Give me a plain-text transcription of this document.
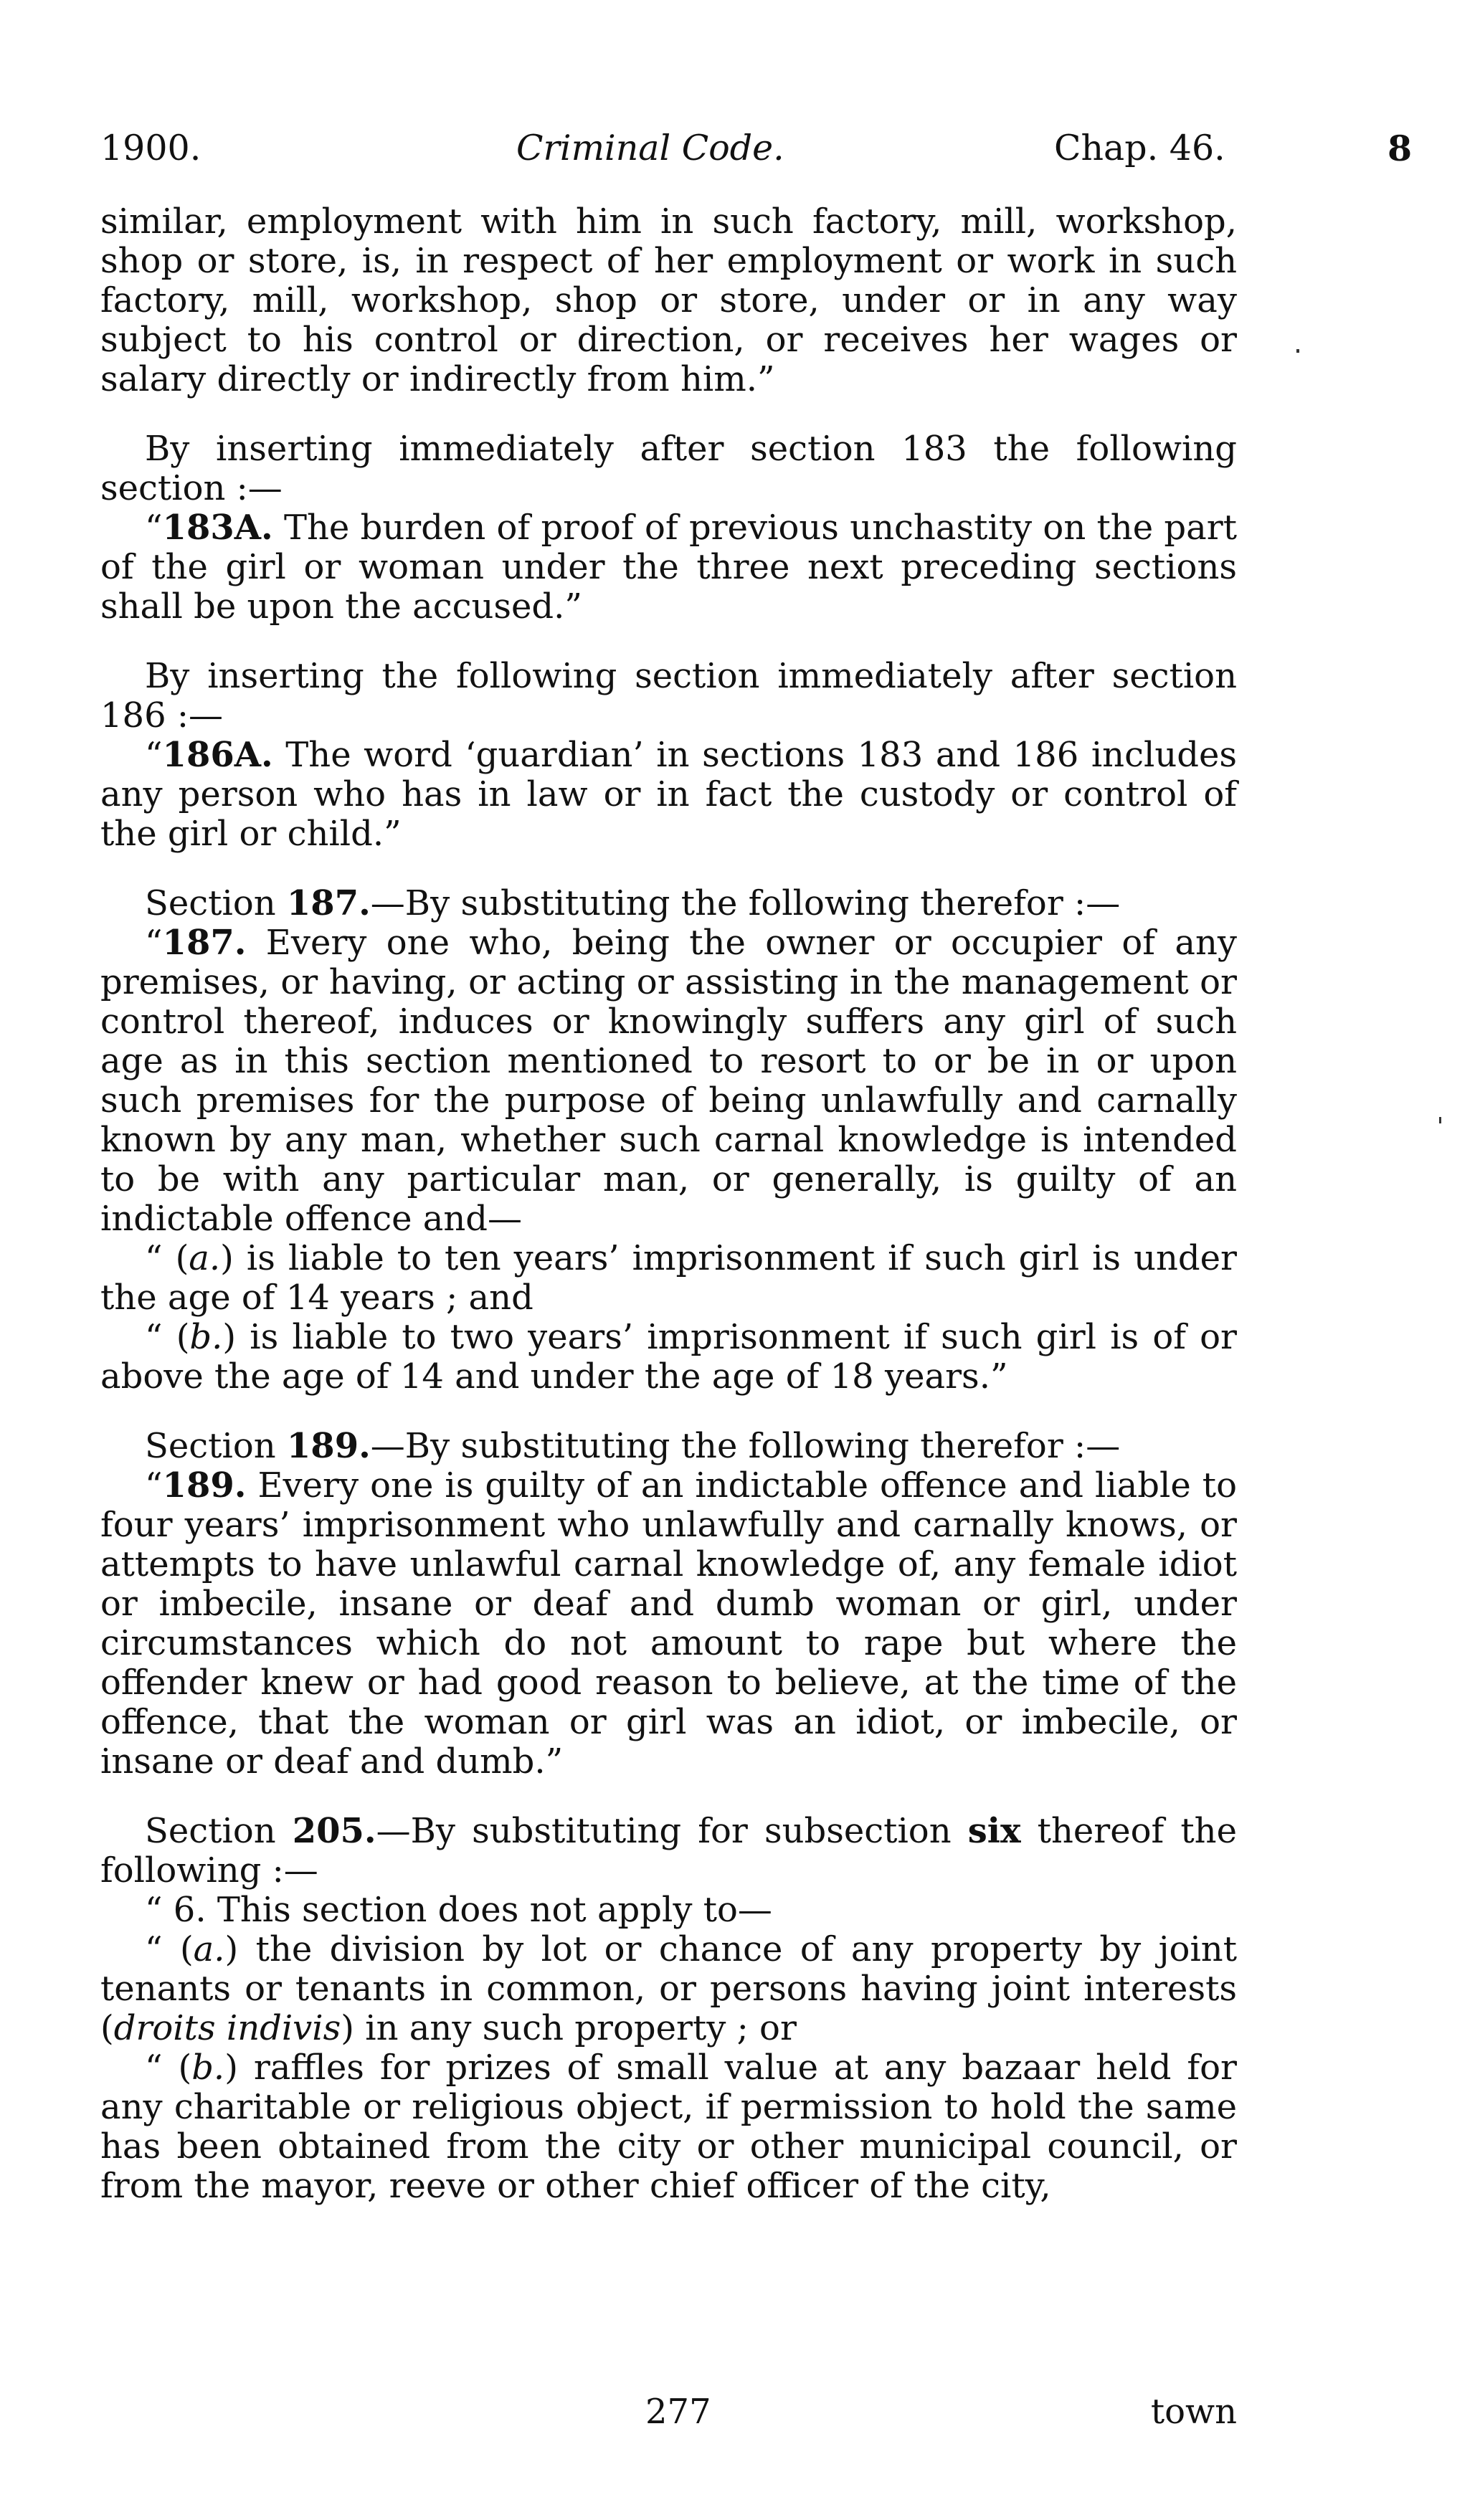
1900.	Criminal Code.	Chap. 46.	8

similar, employment with him in such factory, mill, workshop, shop or store, is, in respect of her employment or work in such factory, mill, workshop, shop or store, under or in any way subject to his control or direction, or receives her wages or salary directly or indirectly from him.”

By inserting immediately after section 183 the following section :—

“183A. The burden of proof of previous unchastity on the part of the girl or woman under the three next preceding sections shall be upon the accused.”

By inserting the following section immediately after section 186 :—

“186A. The word ‘guardian’ in sections 183 and 186 includes any person who has in law or in fact the custody or control of the girl or child.”

Section 187.—By substituting the following therefor :—

“187. Every one who, being the owner or occupier of any premises, or having, or acting or assisting in the management or control thereof, induces or knowingly suffers any girl of such age as in this section mentioned to resort to or be in or upon such premises for the purpose of being unlawfully and carnally known by any man, whether such carnal knowledge is intended to be with any particular man, or generally, is guilty of an indictable offence and—

“ (a.) is liable to ten years’ imprisonment if such girl is under the age of 14 years ; and

“ (b.) is liable to two years’ imprisonment if such girl is of or above the age of 14 and under the age of 18 years.”

Section 189.—By substituting the following therefor :—

“189. Every one is guilty of an indictable offence and liable to four years’ imprisonment who unlawfully and carnally knows, or attempts to have unlawful carnal knowledge of, any female idiot or imbecile, insane or deaf and dumb woman or girl, under circumstances which do not amount to rape but where the offender knew or had good reason to believe, at the time of the offence, that the woman or girl was an idiot, or imbecile, or insane or deaf and dumb.”

Section 205.—By substituting for subsection six thereof the following :—

“ 6. This section does not apply to—

“ (a.) the division by lot or chance of any property by joint tenants or tenants in common, or persons having joint interests (droits indivis) in any such property ; or

“ (b.) raffles for prizes of small value at any bazaar held for any charitable or religious object, if permission to hold the same has been obtained from the city or other municipal council, or from the mayor, reeve or other chief officer of the city,

277	town
